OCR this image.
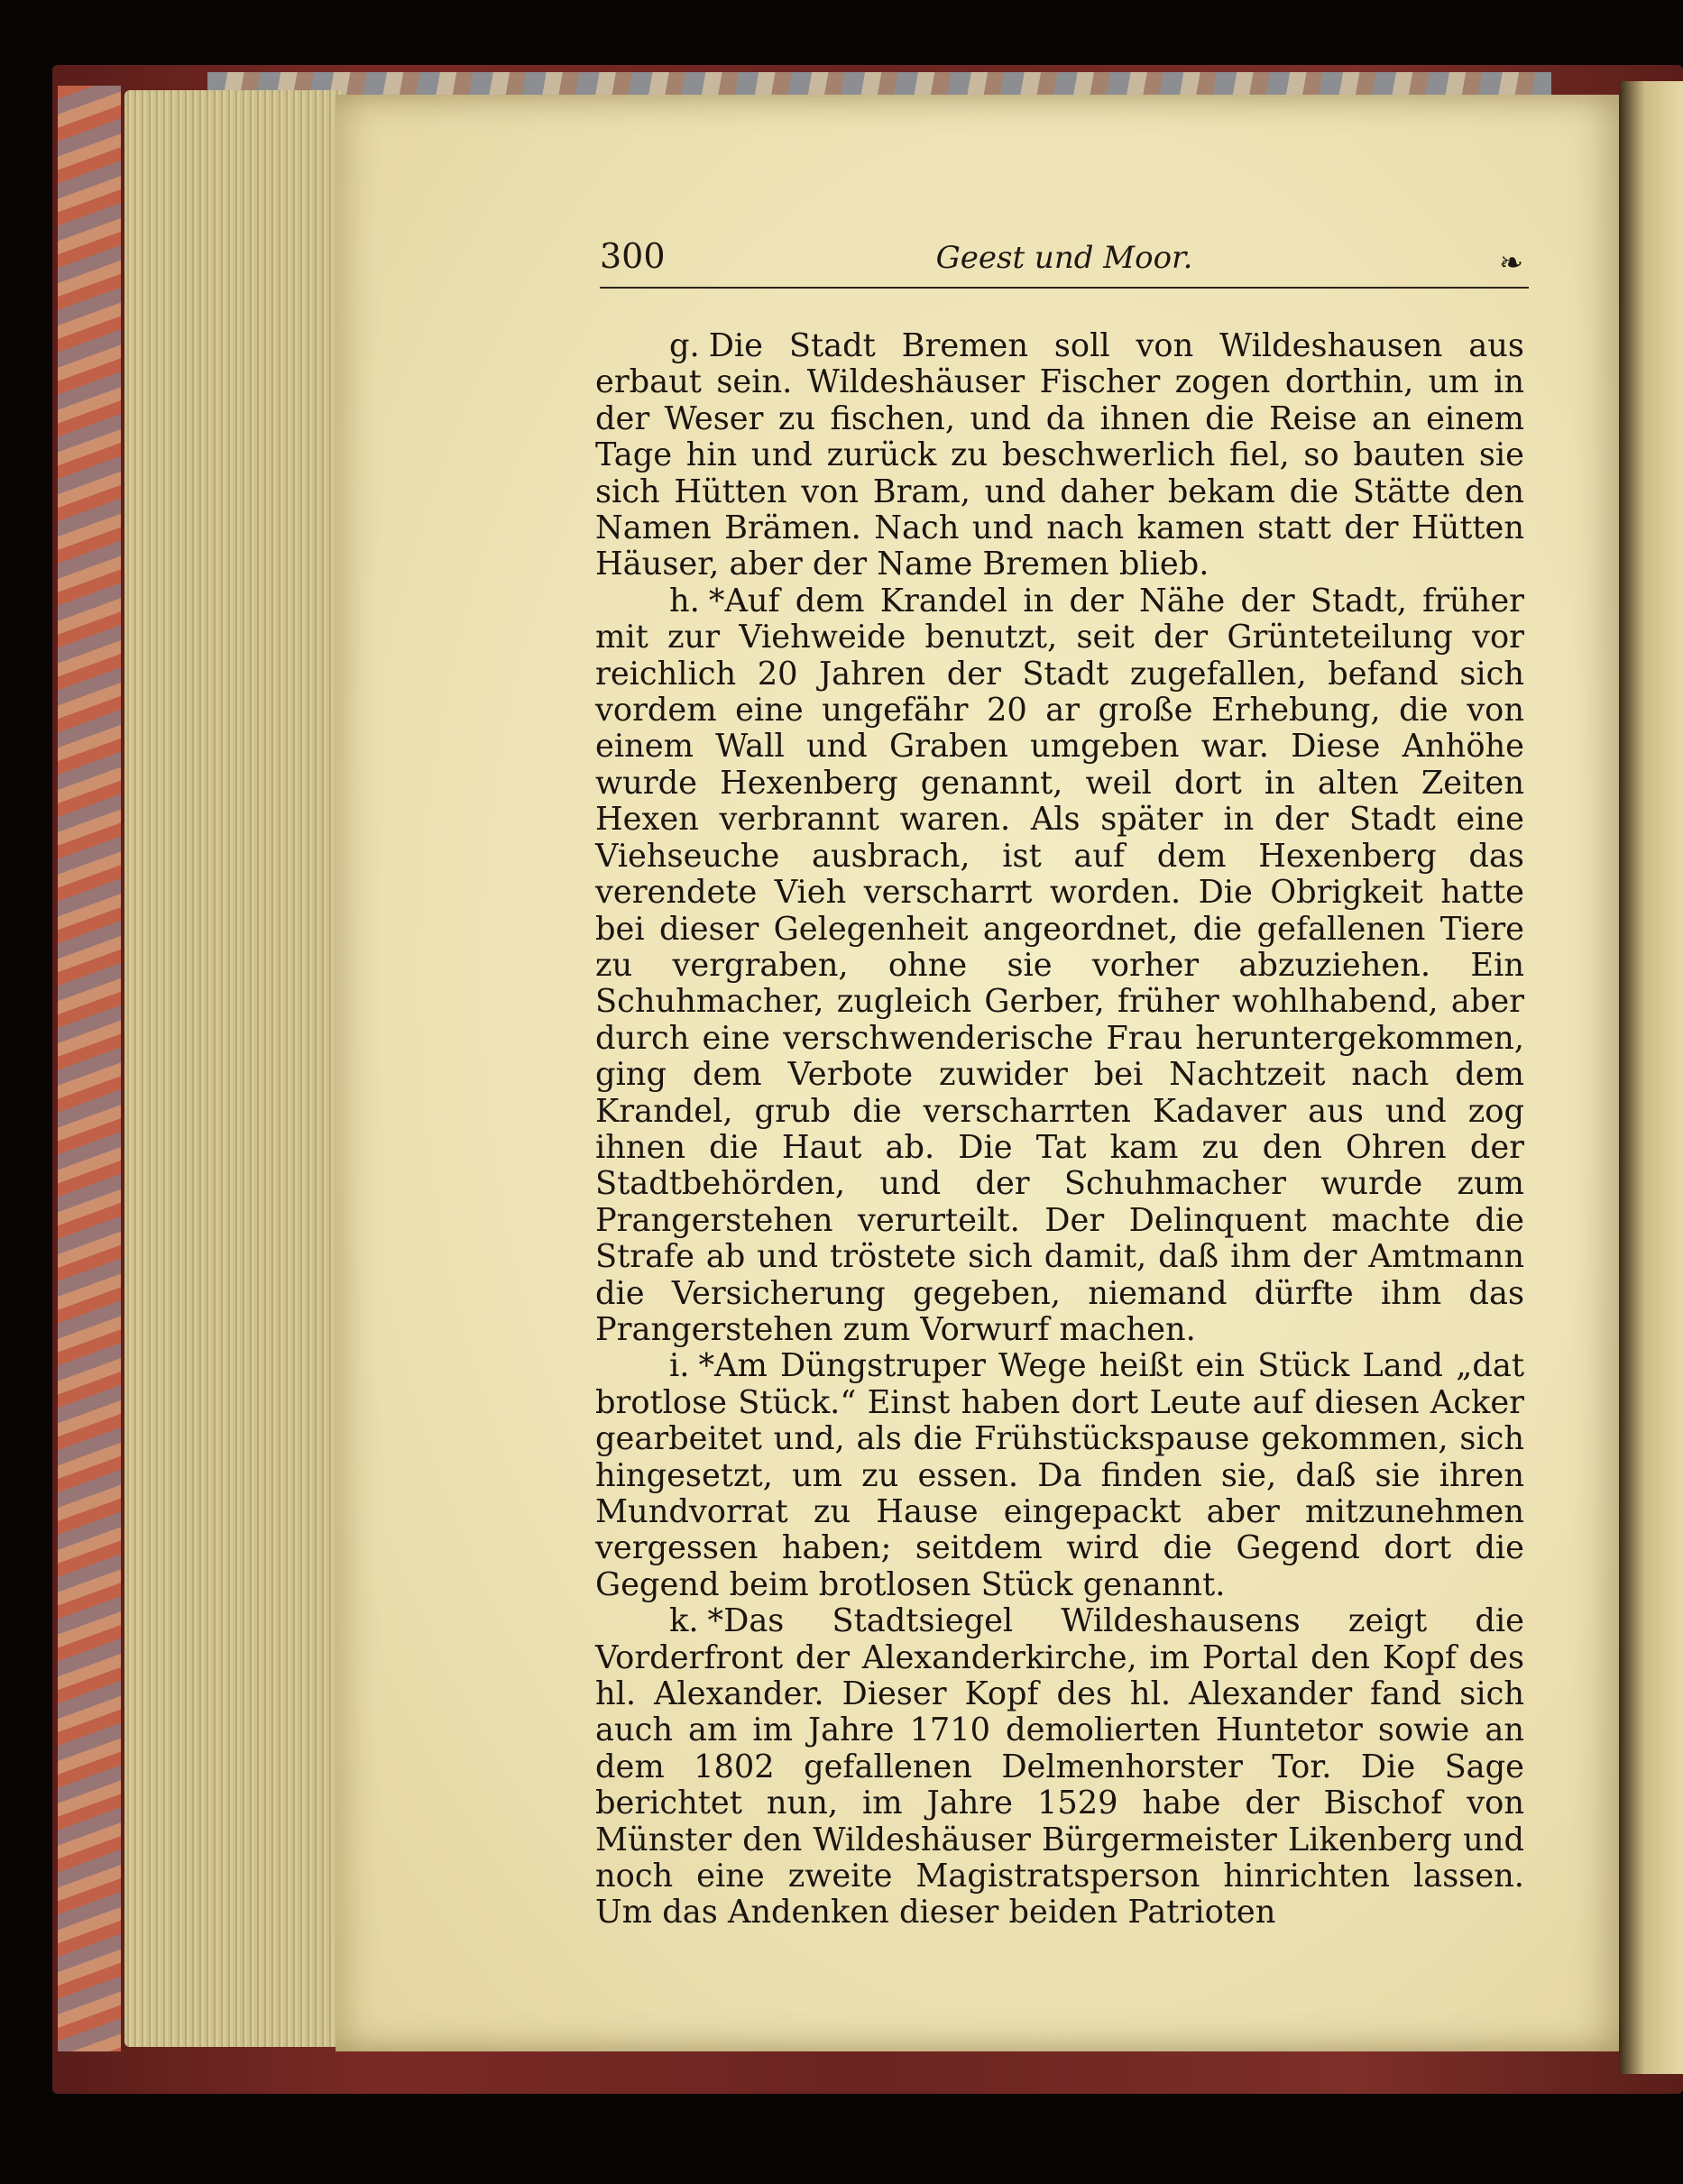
300	Geest und Moor.	❧

g. Die Stadt Bremen soll von Wildeshausen aus erbaut sein. Wildeshäuser Fischer zogen dorthin, um in der Weser zu fischen, und da ihnen die Reise an einem Tage hin und zurück zu beschwerlich fiel, so bauten sie sich Hütten von Bram, und daher bekam die Stätte den Namen Brämen. Nach und nach kamen statt der Hütten Häuser, aber der Name Bremen blieb.

h. *Auf dem Krandel in der Nähe der Stadt, früher mit zur Viehweide benutzt, seit der Grünteteilung vor reichlich 20 Jahren der Stadt zugefallen, befand sich vordem eine ungefähr 20 ar große Erhebung, die von einem Wall und Graben umgeben war. Diese Anhöhe wurde Hexenberg genannt, weil dort in alten Zeiten Hexen verbrannt waren. Als später in der Stadt eine Viehseuche ausbrach, ist auf dem Hexenberg das verendete Vieh verscharrt worden. Die Obrigkeit hatte bei dieser Gelegenheit angeordnet, die gefallenen Tiere zu vergraben, ohne sie vorher abzuziehen. Ein Schuhmacher, zugleich Gerber, früher wohlhabend, aber durch eine verschwenderische Frau heruntergekommen, ging dem Verbote zuwider bei Nachtzeit nach dem Krandel, grub die verscharrten Kadaver aus und zog ihnen die Haut ab. Die Tat kam zu den Ohren der Stadtbehörden, und der Schuhmacher wurde zum Prangerstehen verurteilt. Der Delinquent machte die Strafe ab und tröstete sich damit, daß ihm der Amtmann die Versicherung gegeben, niemand dürfte ihm das Prangerstehen zum Vorwurf machen.

i. *Am Düngstruper Wege heißt ein Stück Land „dat brotlose Stück.“ Einst haben dort Leute auf diesen Acker gearbeitet und, als die Frühstückspause gekommen, sich hingesetzt, um zu essen. Da finden sie, daß sie ihren Mundvorrat zu Hause eingepackt aber mitzunehmen vergessen haben; seitdem wird die Gegend dort die Gegend beim brotlosen Stück genannt.

k. *Das Stadtsiegel Wildeshausens zeigt die Vorderfront der Alexanderkirche, im Portal den Kopf des hl. Alexander. Dieser Kopf des hl. Alexander fand sich auch am im Jahre 1710 demolierten Huntetor sowie an dem 1802 gefallenen Delmenhorster Tor. Die Sage berichtet nun, im Jahre 1529 habe der Bischof von Münster den Wildeshäuser Bürgermeister Likenberg und noch eine zweite Magistratsperson hinrichten lassen. Um das Andenken dieser beiden Patrioten
